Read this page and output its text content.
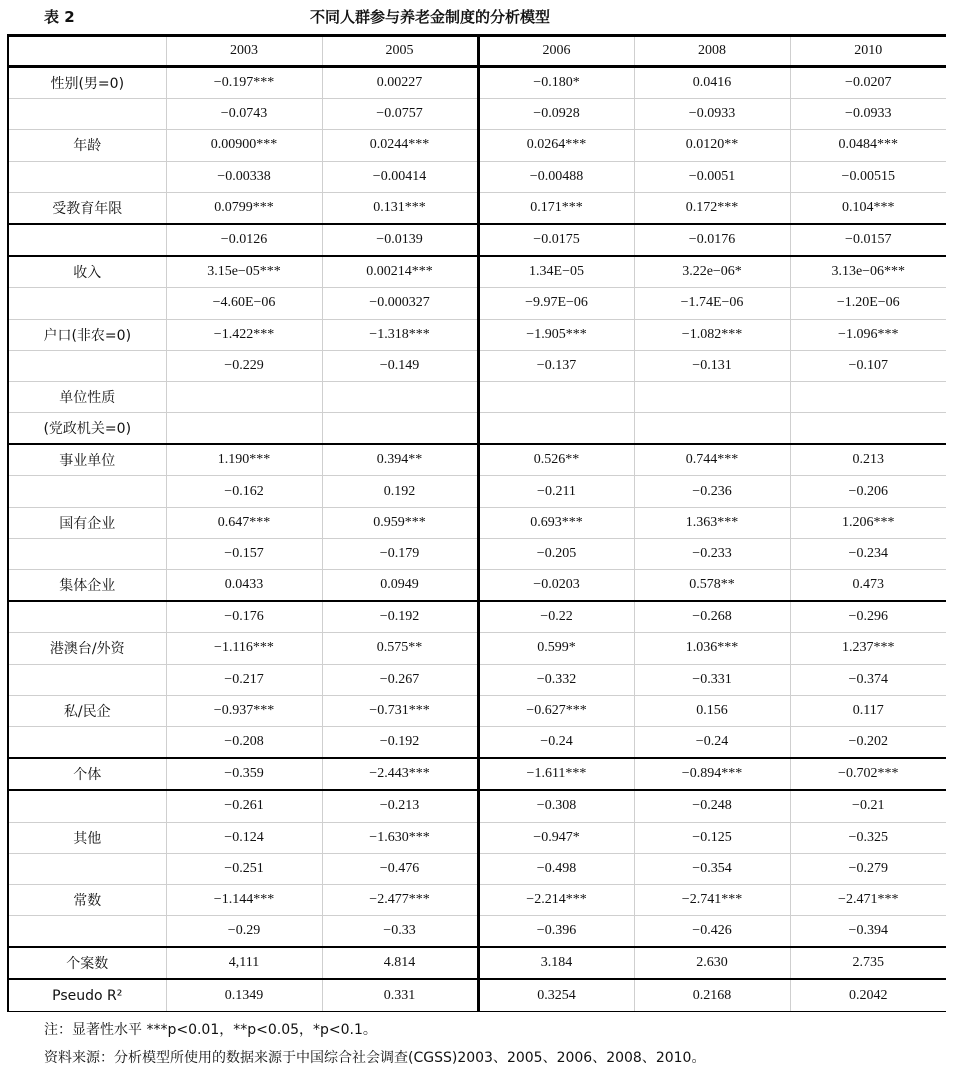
表 2	不同人群参与养老金制度的分析模型
	2003	2005	2006	2008	2010
性别(男=0)	−0.197***	0.00227	−0.180*	0.0416	−0.0207
	−0.0743	−0.0757	−0.0928	−0.0933	−0.0933
年龄	0.00900***	0.0244***	0.0264***	0.0120**	0.0484***
	−0.00338	−0.00414	−0.00488	−0.0051	−0.00515
受教育年限	0.0799***	0.131***	0.171***	0.172***	0.104***
	−0.0126	−0.0139	−0.0175	−0.0176	−0.0157
收入	3.15e−05***	0.00214***	1.34E−05	3.22e−06*	3.13e−06***
	−4.60E−06	−0.000327	−9.97E−06	−1.74E−06	−1.20E−06
户口(非农=0)	−1.422***	−1.318***	−1.905***	−1.082***	−1.096***
	−0.229	−0.149	−0.137	−0.131	−0.107
单位性质					
(党政机关=0)					
事业单位	1.190***	0.394**	0.526**	0.744***	0.213
	−0.162	0.192	−0.211	−0.236	−0.206
国有企业	0.647***	0.959***	0.693***	1.363***	1.206***
	−0.157	−0.179	−0.205	−0.233	−0.234
集体企业	0.0433	0.0949	−0.0203	0.578**	0.473
	−0.176	−0.192	−0.22	−0.268	−0.296
港澳台/外资	−1.116***	0.575**	0.599*	1.036***	1.237***
	−0.217	−0.267	−0.332	−0.331	−0.374
私/民企	−0.937***	−0.731***	−0.627***	0.156	0.117
	−0.208	−0.192	−0.24	−0.24	−0.202
个体	−0.359	−2.443***	−1.611***	−0.894***	−0.702***
	−0.261	−0.213	−0.308	−0.248	−0.21
其他	−0.124	−1.630***	−0.947*	−0.125	−0.325
	−0.251	−0.476	−0.498	−0.354	−0.279
常数	−1.144***	−2.477***	−2.214***	−2.741***	−2.471***
	−0.29	−0.33	−0.396	−0.426	−0.394
个案数	4,111	4.814	3.184	2.630	2.735
Pseudo R²	0.1349	0.331	0.3254	0.2168	0.2042
注：显著性水平 ***p<0.01，**p<0.05，*p<0.1。
资料来源：分析模型所使用的数据来源于中国综合社会调查(CGSS)2003、2005、2006、2008、2010。
